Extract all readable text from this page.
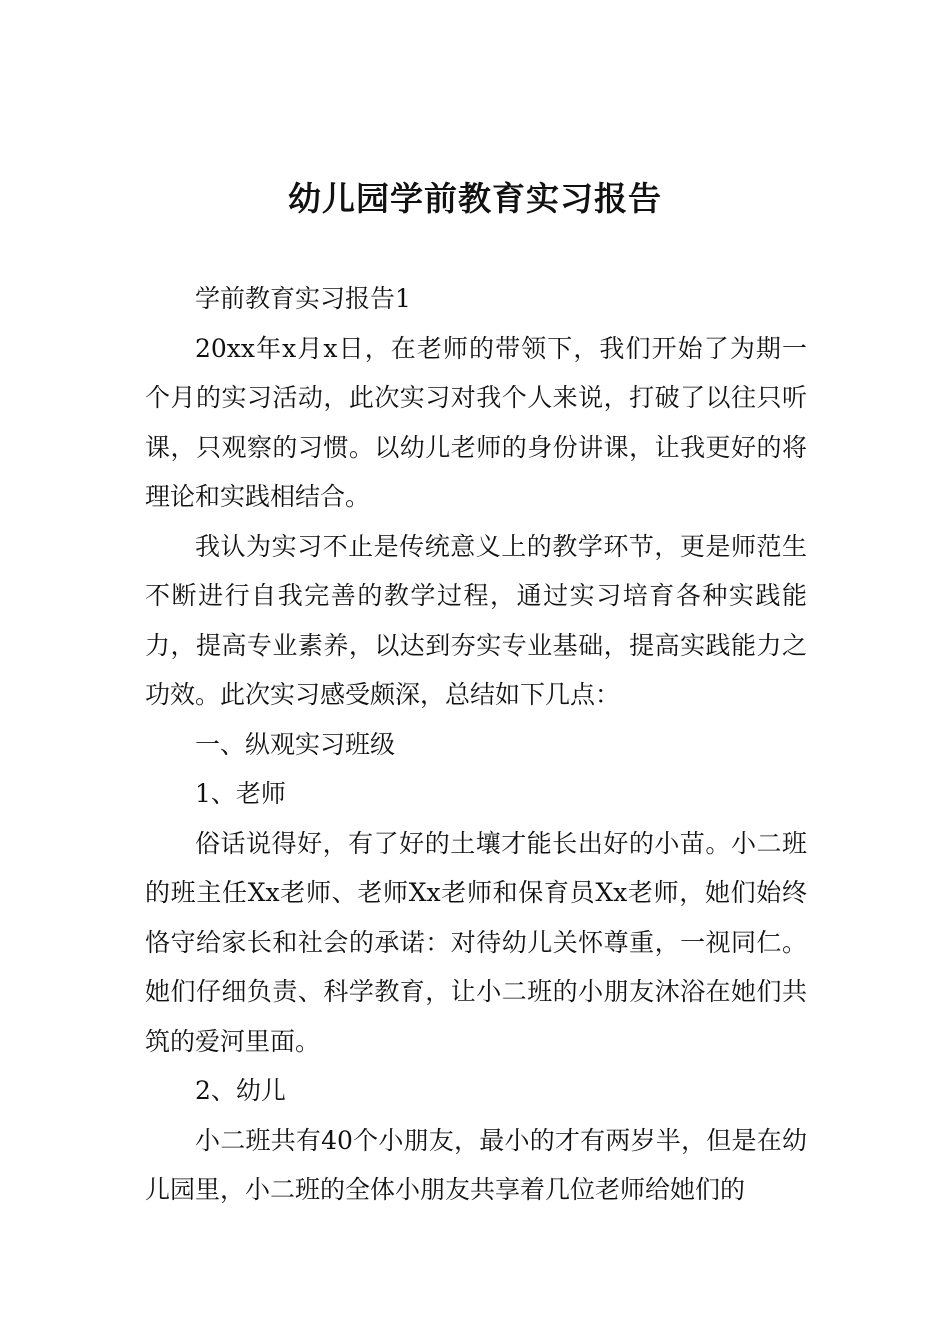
幼儿园学前教育实习报告

学前教育实习报告1

20xx年x月x日，在老师的带领下，我们开始了为期一个月的实习活动，此次实习对我个人来说，打破了以往只听课，只观察的习惯。以幼儿老师的身份讲课，让我更好的将理论和实践相结合。

我认为实习不止是传统意义上的教学环节，更是师范生不断进行自我完善的教学过程，通过实习培育各种实践能力，提高专业素养，以达到夯实专业基础，提高实践能力之功效。此次实习感受颇深，总结如下几点：

一、纵观实习班级

1、老师

俗话说得好，有了好的土壤才能长出好的小苗。小二班的班主任Xx老师、老师Xx老师和保育员Xx老师，她们始终恪守给家长和社会的承诺：对待幼儿关怀尊重，一视同仁。她们仔细负责、科学教育，让小二班的小朋友沐浴在她们共筑的爱河里面。

2、幼儿

小二班共有40个小朋友，最小的才有两岁半，但是在幼儿园里，小二班的全体小朋友共享着几位老师给她们的
